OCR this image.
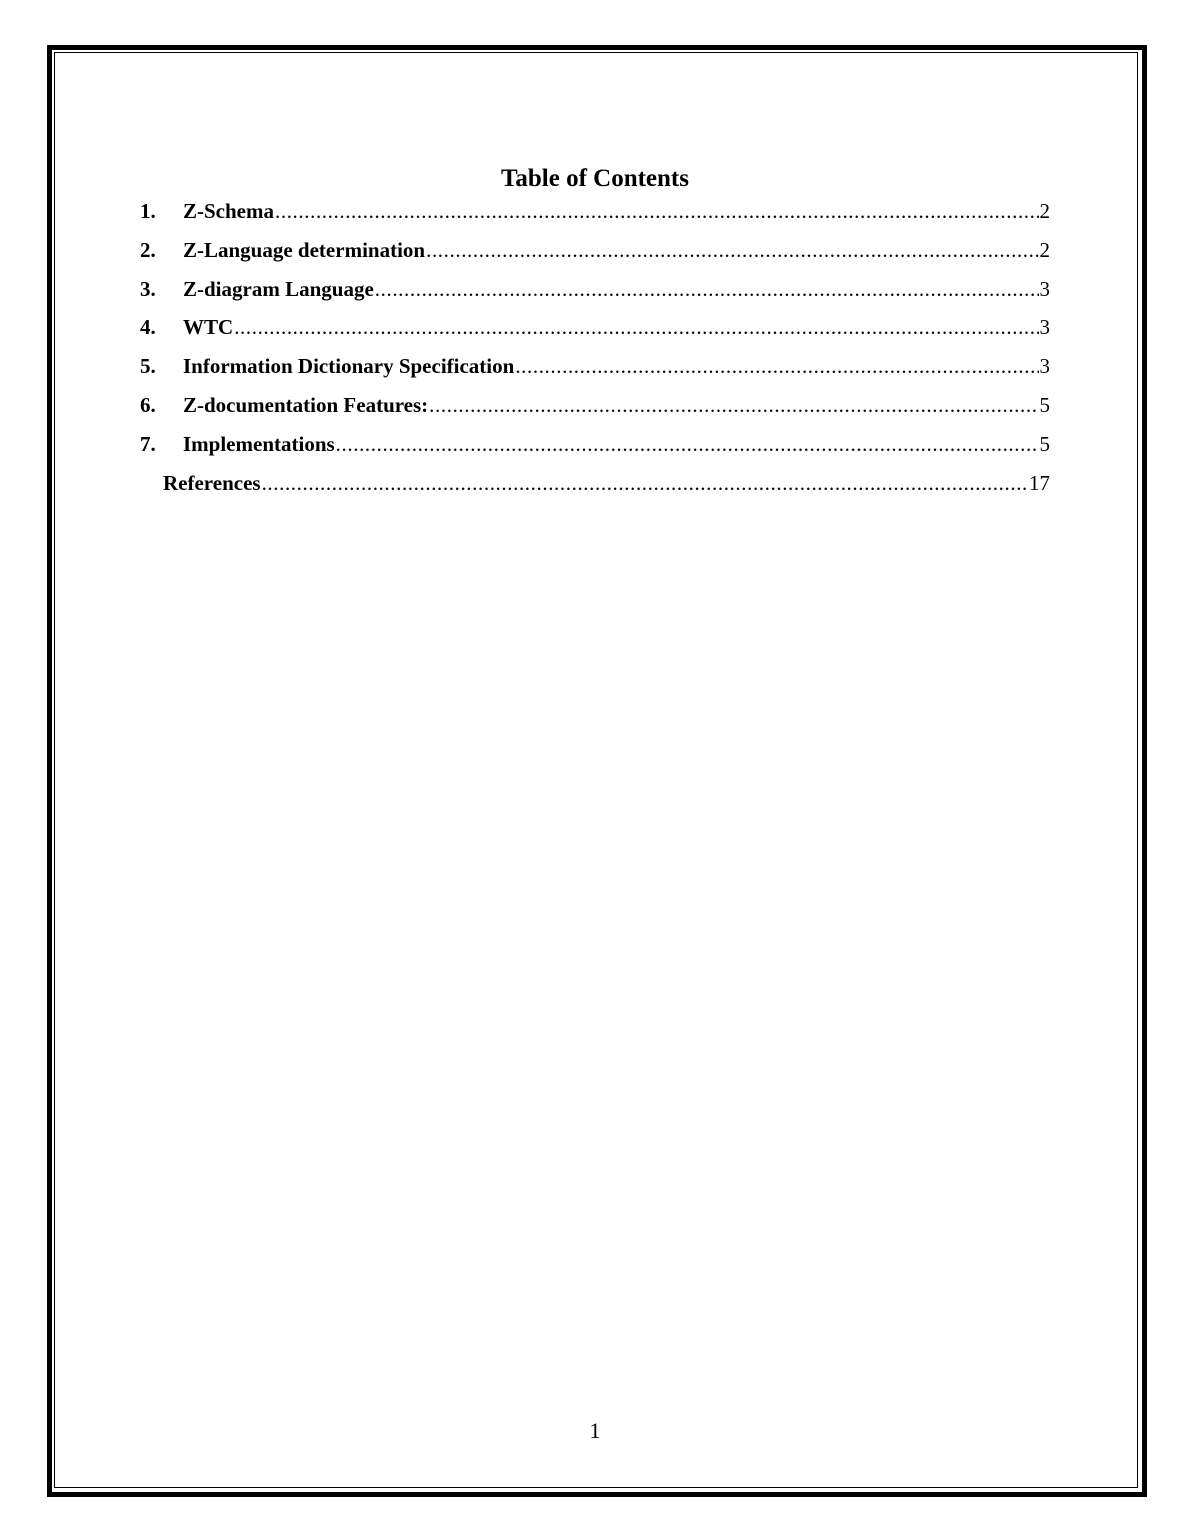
Table of Contents
1.	Z-Schema .....	2
2.	Z-Language determination .....	2
3.	Z-diagram Language .....	3
4.	WTC .....	3
5.	Information Dictionary Specification .....	3
6.	Z-documentation Features: .....	5
7.	Implementations .....	5
References .....	17
1
